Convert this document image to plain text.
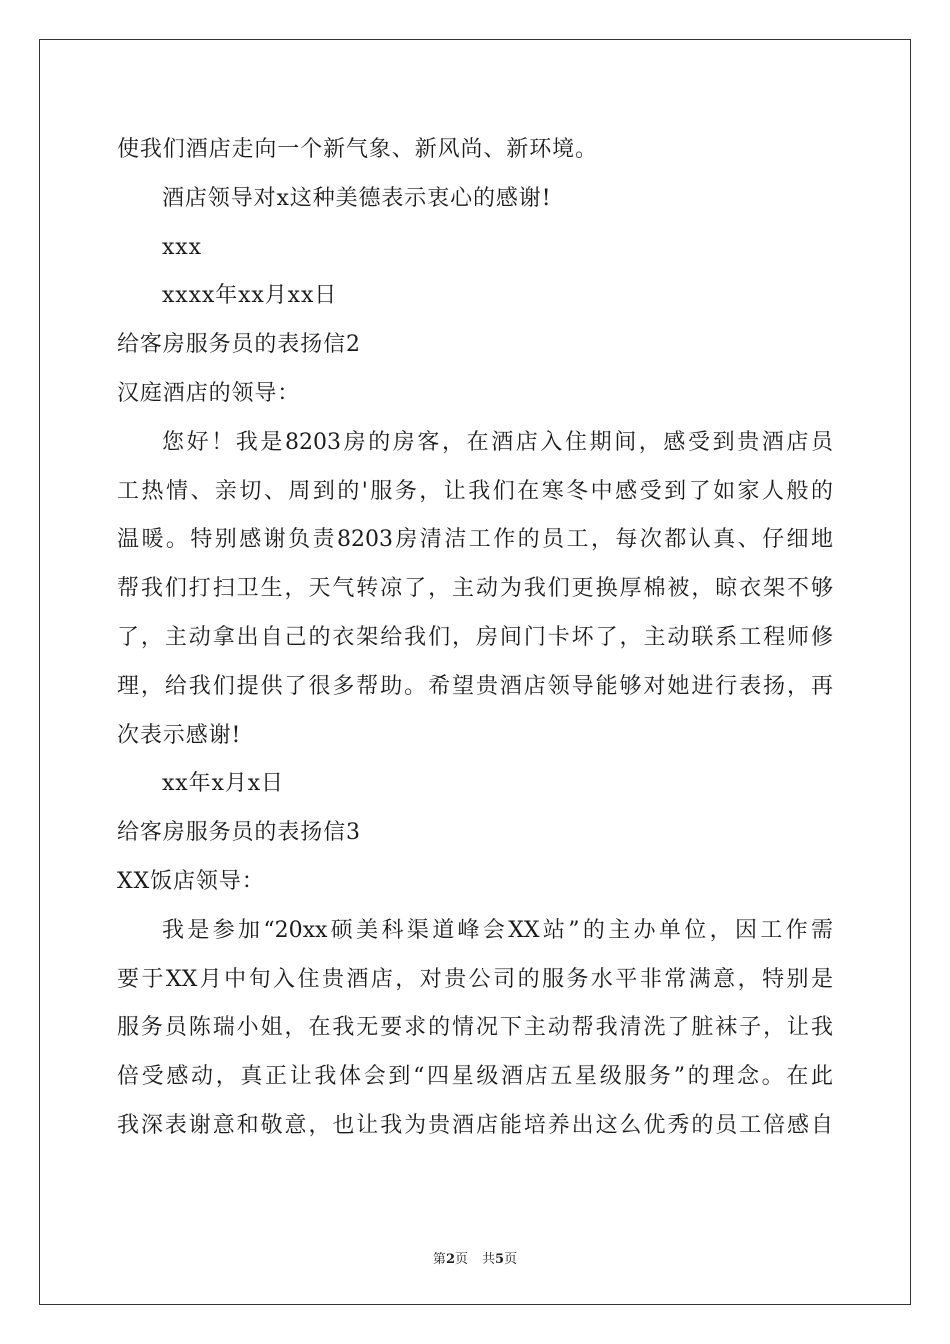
使我们酒店走向一个新气象、新风尚、新环境。
酒店领导对x这种美德表示衷心的感谢!
xxx
xxxx年xx月xx日
给客房服务员的表扬信2
汉庭酒店的领导：
您好！我是8203房的房客，在酒店入住期间，感受到贵酒店员
工热情、亲切、周到的'服务，让我们在寒冬中感受到了如家人般的
温暖。特别感谢负责8203房清洁工作的员工，每次都认真、仔细地
帮我们打扫卫生，天气转凉了，主动为我们更换厚棉被，晾衣架不够
了，主动拿出自己的衣架给我们，房间门卡坏了，主动联系工程师修
理，给我们提供了很多帮助。希望贵酒店领导能够对她进行表扬，再
次表示感谢!
xx年x月x日
给客房服务员的表扬信3
XX饭店领导：
我是参加“20xx硕美科渠道峰会XX站”的主办单位，因工作需
要于XX月中旬入住贵酒店，对贵公司的服务水平非常满意，特别是
服务员陈瑞小姐，在我无要求的情况下主动帮我清洗了脏袜子，让我
倍受感动，真正让我体会到“四星级酒店五星级服务”的理念。在此
我深表谢意和敬意，也让我为贵酒店能培养出这么优秀的员工倍感自
第2页 共5页
